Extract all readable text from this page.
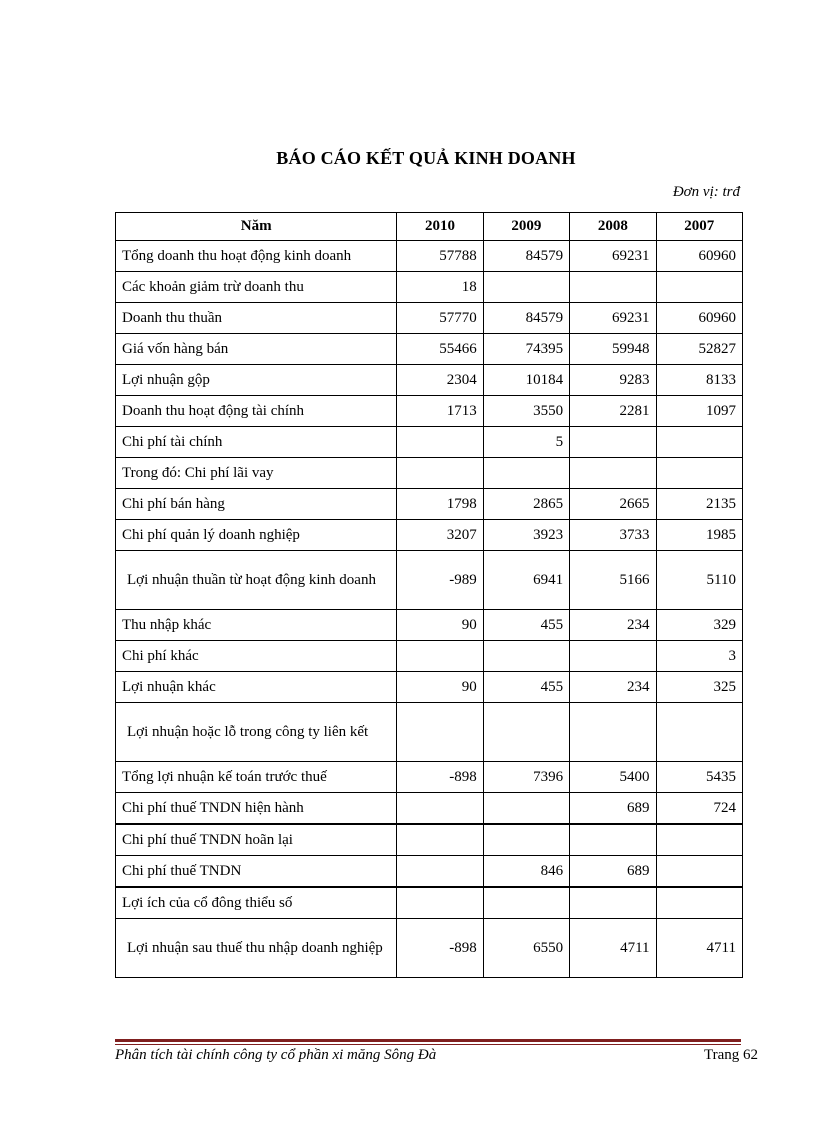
BÁO CÁO KẾT QUẢ KINH DOANH
Đơn vị: trđ
Năm	2010	2009	2008	2007
Tổng doanh thu hoạt động kinh doanh	57788	84579	69231	60960
Các khoản giảm trừ doanh thu	18			
Doanh thu thuần	57770	84579	69231	60960
Giá vốn hàng bán	55466	74395	59948	52827
Lợi nhuận gộp	2304	10184	9283	8133
Doanh thu hoạt động tài chính	1713	3550	2281	1097
Chi phí tài chính		5		
Trong đó: Chi phí lãi vay				
Chi phí bán hàng	1798	2865	2665	2135
Chi phí quản lý doanh nghiệp	3207	3923	3733	1985
Lợi nhuận thuần từ hoạt động kinh doanh	-989	6941	5166	5110
Thu nhập khác	90	455	234	329
Chi phí khác				3
Lợi nhuận khác	90	455	234	325
Lợi nhuận hoặc lỗ trong công ty liên kết				
Tổng lợi nhuận kế toán trước thuế	-898	7396	5400	5435
Chi phí thuế TNDN hiện hành			689	724
Chi phí thuế TNDN hoãn lại				
Chi phí thuế TNDN		846	689	
Lợi ích của cổ đông thiểu số				
Lợi nhuận sau thuế thu nhập doanh nghiệp	-898	6550	4711	4711
Phân tích tài chính công ty cổ phần xi măng Sông Đà	Trang 62
